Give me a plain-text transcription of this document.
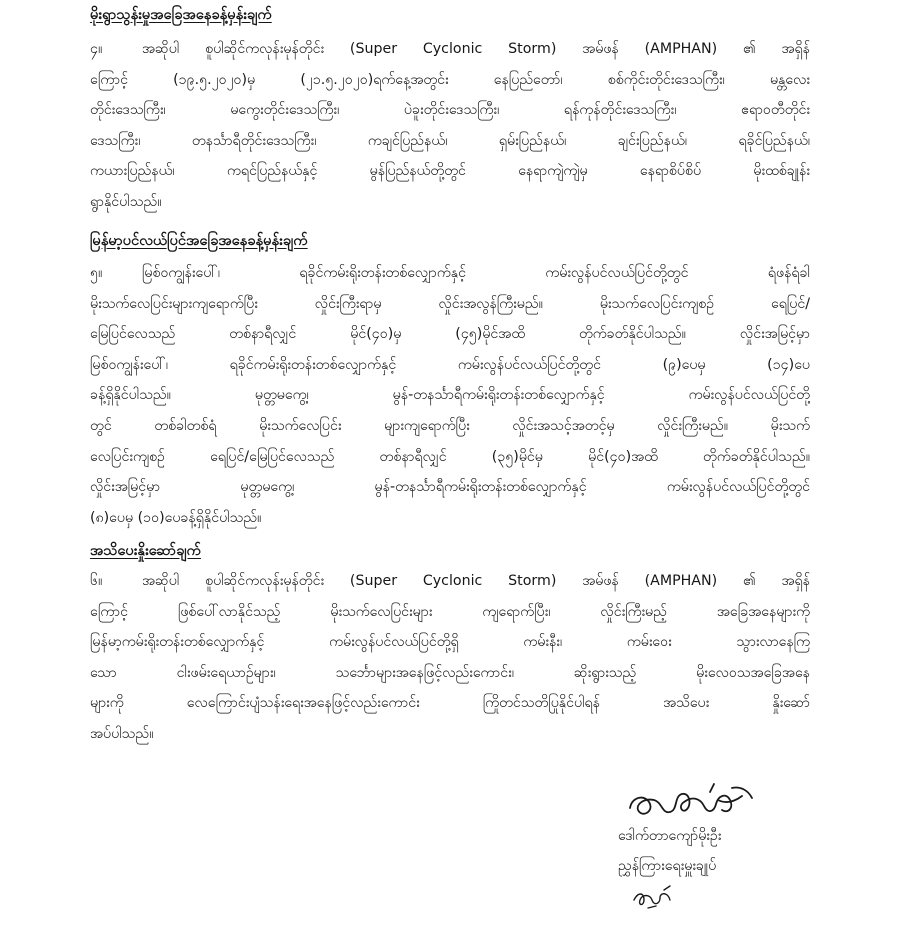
မိုးရွာသွန်းမှုအခြေအနေခန့်မှန်းချက်
၄။	အဆိုပါ စူပါဆိုင်ကလုန်းမုန်တိုင်း (Super Cyclonic Storm) အမ်ဖန် (AMPHAN) ၏ အရှိန်
ကြောင့် (၁၉.၅.၂၀၂၀)မှ (၂၁.၅.၂၀၂၀)ရက်နေ့အတွင်း နေပြည်တော်၊ စစ်ကိုင်းတိုင်းဒေသကြီး၊ မန္တလေး
တိုင်းဒေသကြီး၊ မကွေးတိုင်းဒေသကြီး၊ ပဲခူးတိုင်းဒေသကြီး၊ ရန်ကုန်တိုင်းဒေသကြီး၊ ဧရာဝတီတိုင်း
ဒေသကြီး၊ တနင်္သာရီတိုင်းဒေသကြီး၊ ကချင်ပြည်နယ်၊ ရှမ်းပြည်နယ်၊ ချင်းပြည်နယ်၊ ရခိုင်ပြည်နယ်၊
ကယားပြည်နယ်၊ ကရင်ပြည်နယ်နှင့် မွန်ပြည်နယ်တို့တွင် နေရာကျဲကျဲမှ နေရာစိပ်စိပ် မိုးထစ်ချုန်း
ရွာနိုင်ပါသည်။
မြန်မာ့ပင်လယ်ပြင်အခြေအနေခန့်မှန်းချက်
၅။	မြစ်ဝကျွန်းပေါ်၊ ရခိုင်ကမ်းရိုးတန်းတစ်လျှောက်နှင့် ကမ်းလွန်ပင်လယ်ပြင်တို့တွင် ရံဖန်ရံခါ
မိုးသက်လေပြင်းများကျရောက်ပြီး လှိုင်းကြီးရာမှ လှိုင်းအလွန်ကြီးမည်။ မိုးသက်လေပြင်းကျစဉ် ရေပြင်/
မြေပြင်လေသည် တစ်နာရီလျှင် မိုင်(၄၀)မှ (၄၅)မိုင်အထိ တိုက်ခတ်နိုင်ပါသည်။ လှိုင်းအမြင့်မှာ
မြစ်ဝကျွန်းပေါ်၊ ရခိုင်ကမ်းရိုးတန်းတစ်လျှောက်နှင့် ကမ်းလွန်ပင်လယ်ပြင်တို့တွင် (၉)ပေမှ (၁၄)ပေ
ခန့်ရှိနိုင်ပါသည်။ မုတ္တမကွေ့၊ မွန်-တနင်္သာရီကမ်းရိုးတန်းတစ်လျှောက်နှင့် ကမ်းလွန်ပင်လယ်ပြင်တို့
တွင် တစ်ခါတစ်ရံ မိုးသက်လေပြင်း များကျရောက်ပြီး လှိုင်းအသင့်အတင့်မှ လှိုင်းကြီးမည်။ မိုးသက်
လေပြင်းကျစဉ် ရေပြင်/မြေပြင်လေသည် တစ်နာရီလျှင် (၃၅)မိုင်မှ မိုင်(၄၀)အထိ တိုက်ခတ်နိုင်ပါသည်။
လှိုင်းအမြင့်မှာ မုတ္တမကွေ့၊ မွန်-တနင်္သာရီကမ်းရိုးတန်းတစ်လျှောက်နှင့် ကမ်းလွန်ပင်လယ်ပြင်တို့တွင်
(၈)ပေမှ (၁၀)ပေခန့်ရှိနိုင်ပါသည်။
အသိပေးနှိုးဆော်ချက်
၆။	အဆိုပါ စူပါဆိုင်ကလုန်းမုန်တိုင်း (Super Cyclonic Storm) အမ်ဖန် (AMPHAN) ၏ အရှိန်
ကြောင့် ဖြစ်ပေါ်လာနိုင်သည့် မိုးသက်လေပြင်းများ ကျရောက်ပြီး၊ လှိုင်းကြီးမည့် အခြေအနေများကို
မြန်မာ့ကမ်းရိုးတန်းတစ်လျှောက်နှင့် ကမ်းလွန်ပင်လယ်ပြင်တို့ရှိ ကမ်းနီး၊ ကမ်းဝေး သွားလာနေကြ
သော ငါးဖမ်းရေယာဉ်များ၊ သင်္ဘောများအနေဖြင့်လည်းကောင်း၊ ဆိုးရွားသည့် မိုးလေဝသအခြေအနေ
များကို လေကြောင်းပျံသန်းရေးအနေဖြင့်လည်းကောင်း ကြိုတင်သတိပြုနိုင်ပါရန် အသိပေး နှိုးဆော်
အပ်ပါသည်။
ဒေါက်တာကျော်မိုးဦး
ညွှန်ကြားရေးမှူးချုပ်
